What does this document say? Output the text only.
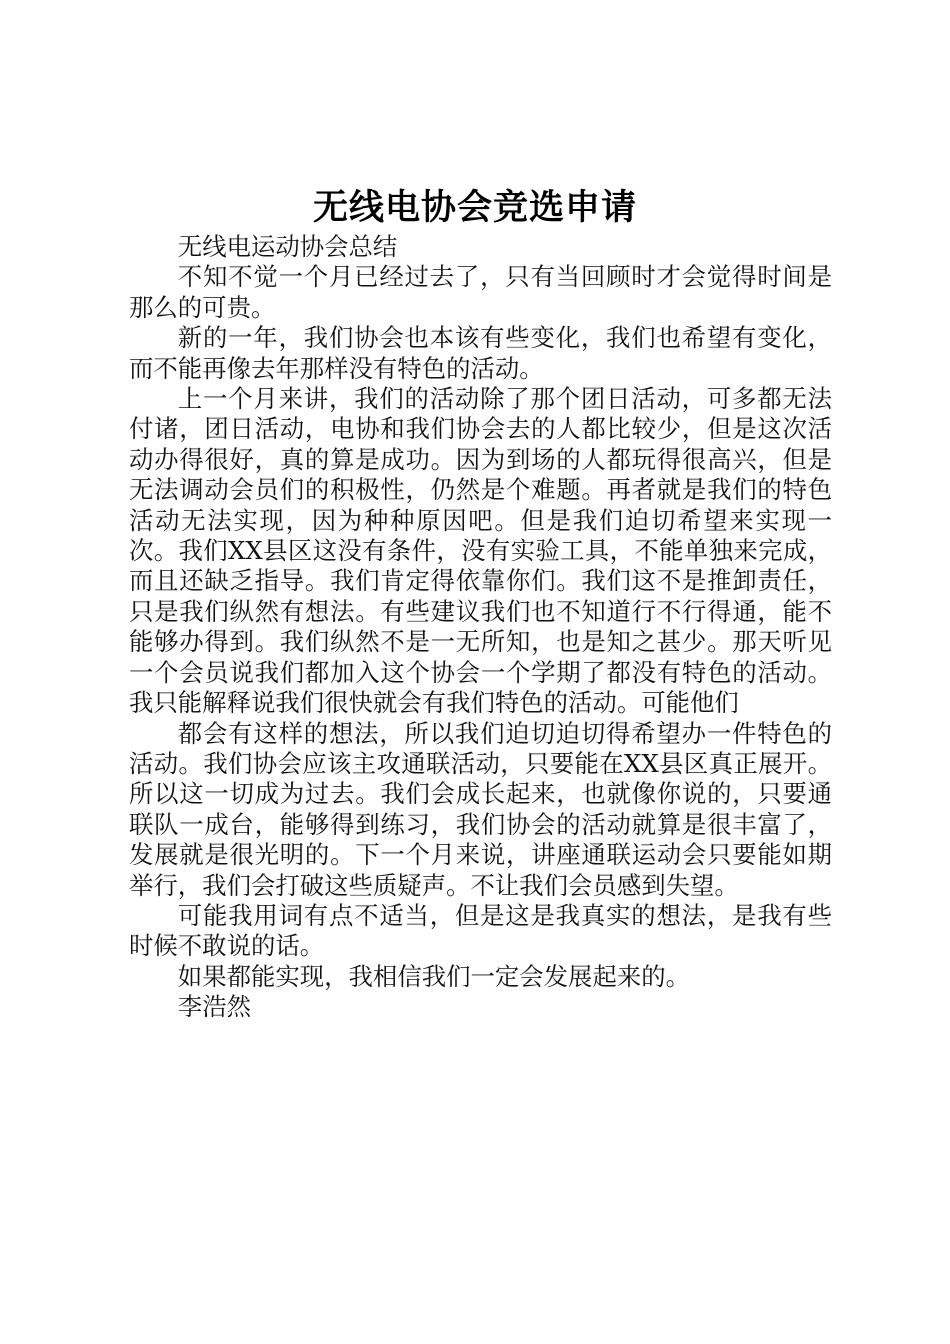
无线电协会竞选申请

无线电运动协会总结

不知不觉一个月已经过去了，只有当回顾时才会觉得时间是那么的可贵。

新的一年，我们协会也本该有些变化，我们也希望有变化，而不能再像去年那样没有特色的活动。

上一个月来讲，我们的活动除了那个团日活动，可多都无法付诸，团日活动，电协和我们协会去的人都比较少，但是这次活动办得很好，真的算是成功。因为到场的人都玩得很高兴，但是无法调动会员们的积极性，仍然是个难题。再者就是我们的特色活动无法实现，因为种种原因吧。但是我们迫切希望来实现一次。我们XX县区这没有条件，没有实验工具，不能单独来完成，而且还缺乏指导。我们肯定得依靠你们。我们这不是推卸责任，只是我们纵然有想法。有些建议我们也不知道行不行得通，能不能够办得到。我们纵然不是一无所知，也是知之甚少。那天听见一个会员说我们都加入这个协会一个学期了都没有特色的活动。我只能解释说我们很快就会有我们特色的活动。可能他们

都会有这样的想法，所以我们迫切迫切得希望办一件特色的活动。我们协会应该主攻通联活动，只要能在XX县区真正展开。所以这一切成为过去。我们会成长起来，也就像你说的，只要通联队一成台，能够得到练习，我们协会的活动就算是很丰富了，发展就是很光明的。下一个月来说，讲座通联运动会只要能如期举行，我们会打破这些质疑声。不让我们会员感到失望。

可能我用词有点不适当，但是这是我真实的想法，是我有些时候不敢说的话。

如果都能实现，我相信我们一定会发展起来的。

李浩然
